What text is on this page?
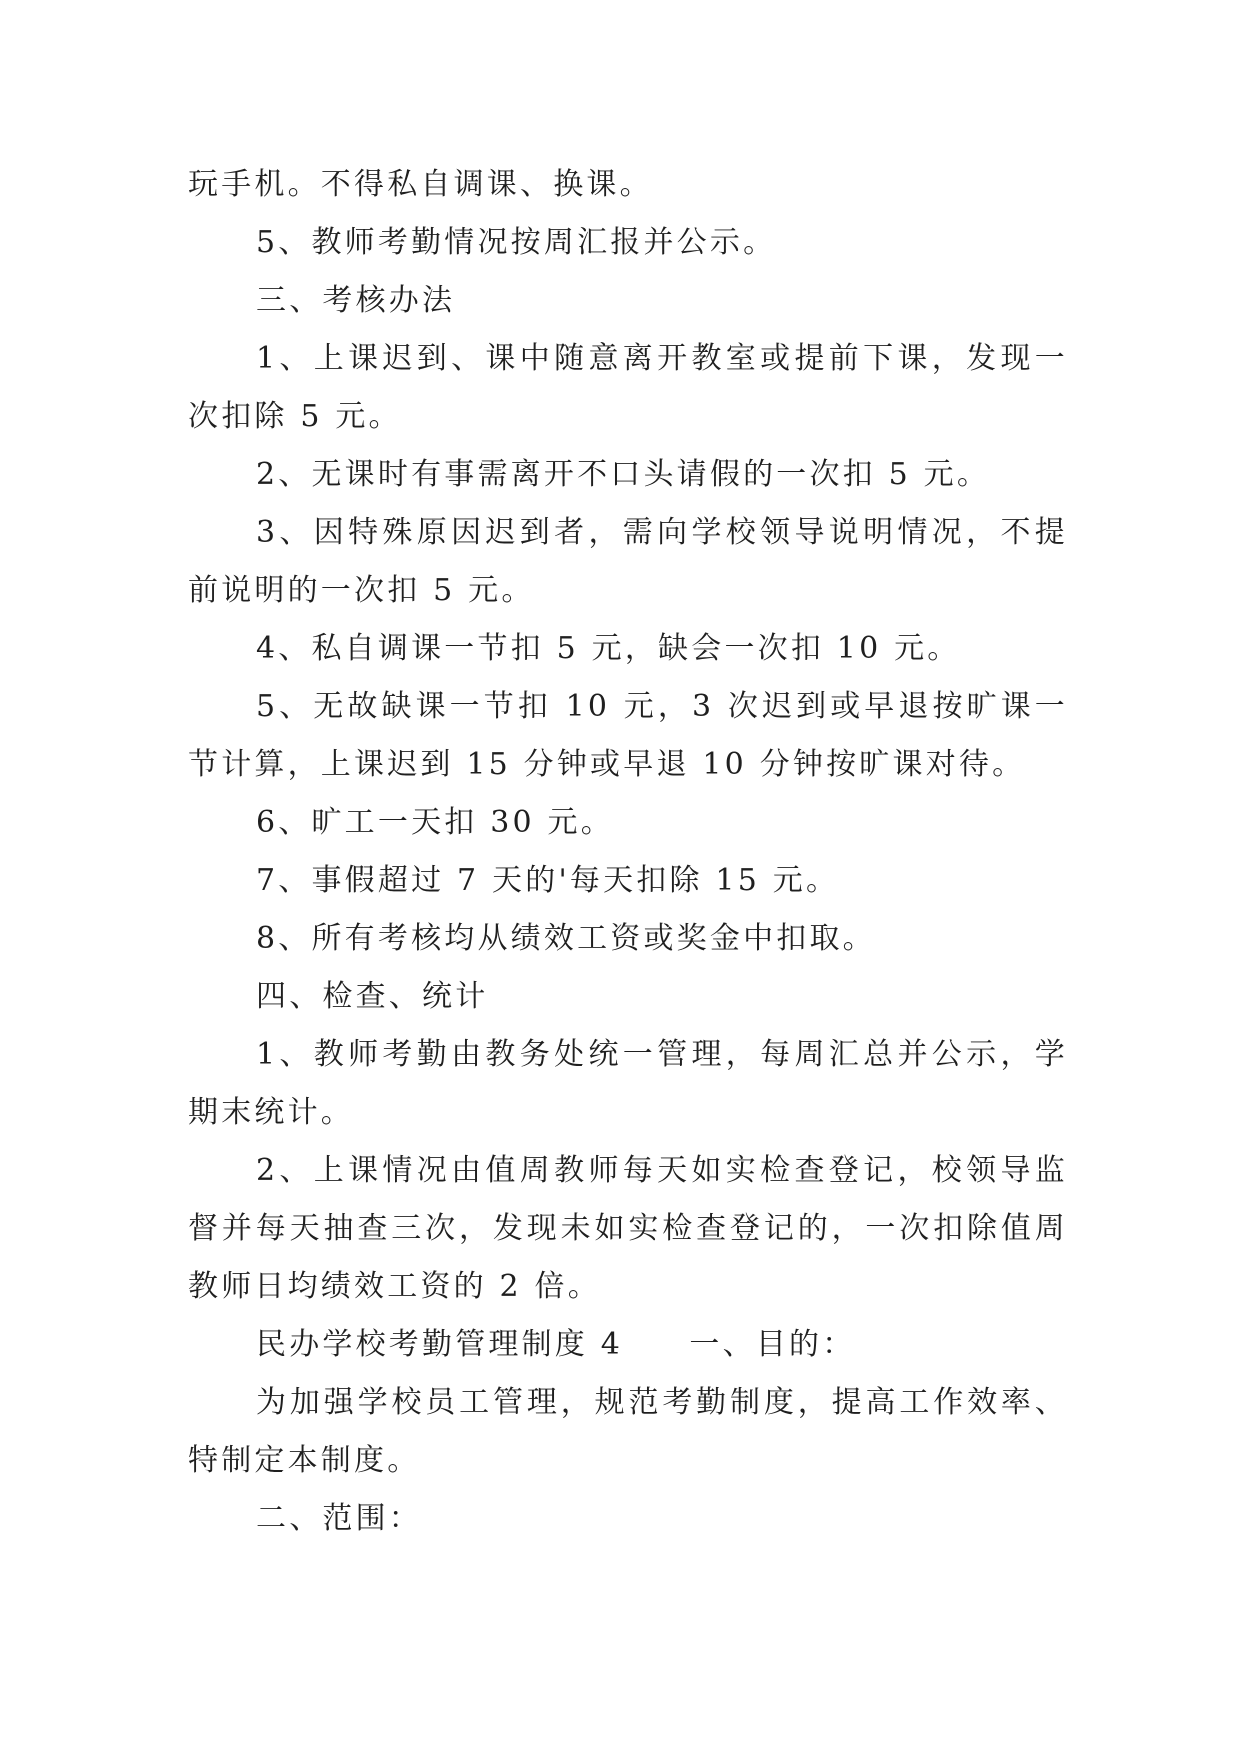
玩手机。不得私自调课、换课。

5、教师考勤情况按周汇报并公示。

三、考核办法

1、上课迟到、课中随意离开教室或提前下课，发现一次扣除 5 元。

2、无课时有事需离开不口头请假的一次扣 5 元。

3、因特殊原因迟到者，需向学校领导说明情况，不提前说明的一次扣 5 元。

4、私自调课一节扣 5 元，缺会一次扣 10 元。

5、无故缺课一节扣 10 元，3 次迟到或早退按旷课一节计算，上课迟到 15 分钟或早退 10 分钟按旷课对待。

6、旷工一天扣 30 元。

7、事假超过 7 天的'每天扣除 15 元。

8、所有考核均从绩效工资或奖金中扣取。

四、检查、统计

1、教师考勤由教务处统一管理，每周汇总并公示，学期末统计。

2、上课情况由值周教师每天如实检查登记，校领导监督并每天抽查三次，发现未如实检查登记的，一次扣除值周教师日均绩效工资的 2 倍。

民办学校考勤管理制度 4　　一、目的：

为加强学校员工管理，规范考勤制度，提高工作效率、特制定本制度。

二、范围：
